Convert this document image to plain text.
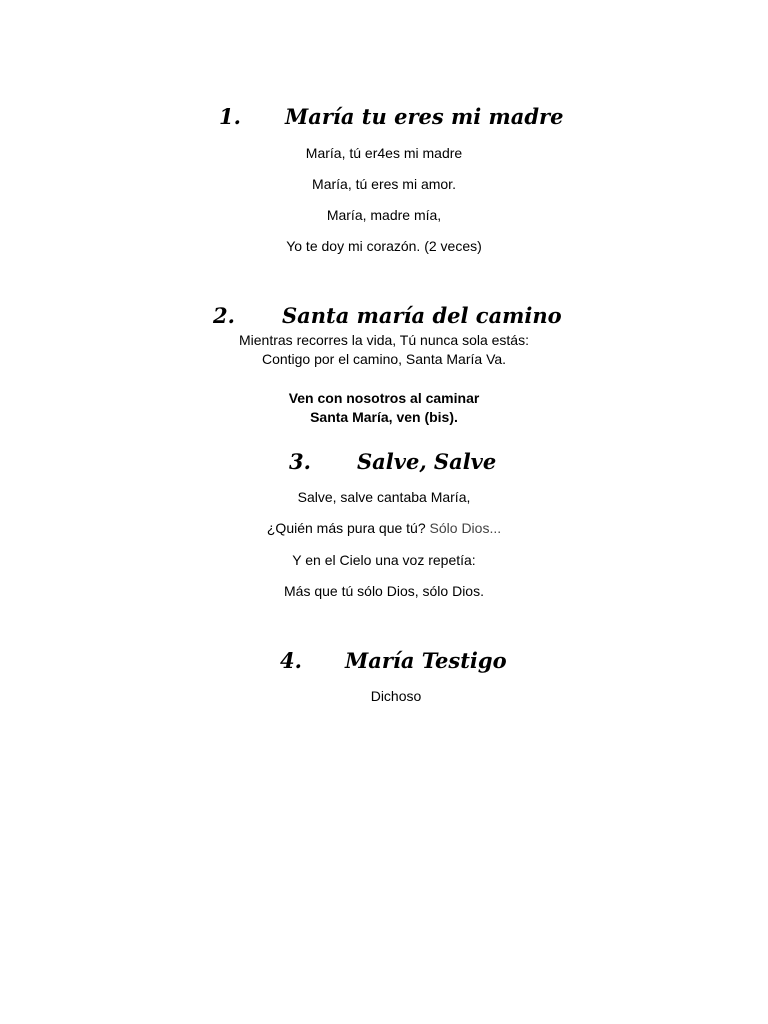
1. María tu eres mi madre
María, tú er4es mi madre
María, tú eres mi amor.
María, madre mía,
Yo te doy mi corazón. (2 veces)
2. Santa maría del camino
Mientras recorres la vida, Tú nunca sola estás:
Contigo por el camino, Santa María Va.
Ven con nosotros al caminar
Santa María, ven (bis).
3. Salve, Salve
Salve, salve cantaba María,
¿Quién más pura que tú? Sólo Dios...
Y en el Cielo una voz repetía:
Más que tú sólo Dios, sólo Dios.
4. María Testigo
Dichoso
